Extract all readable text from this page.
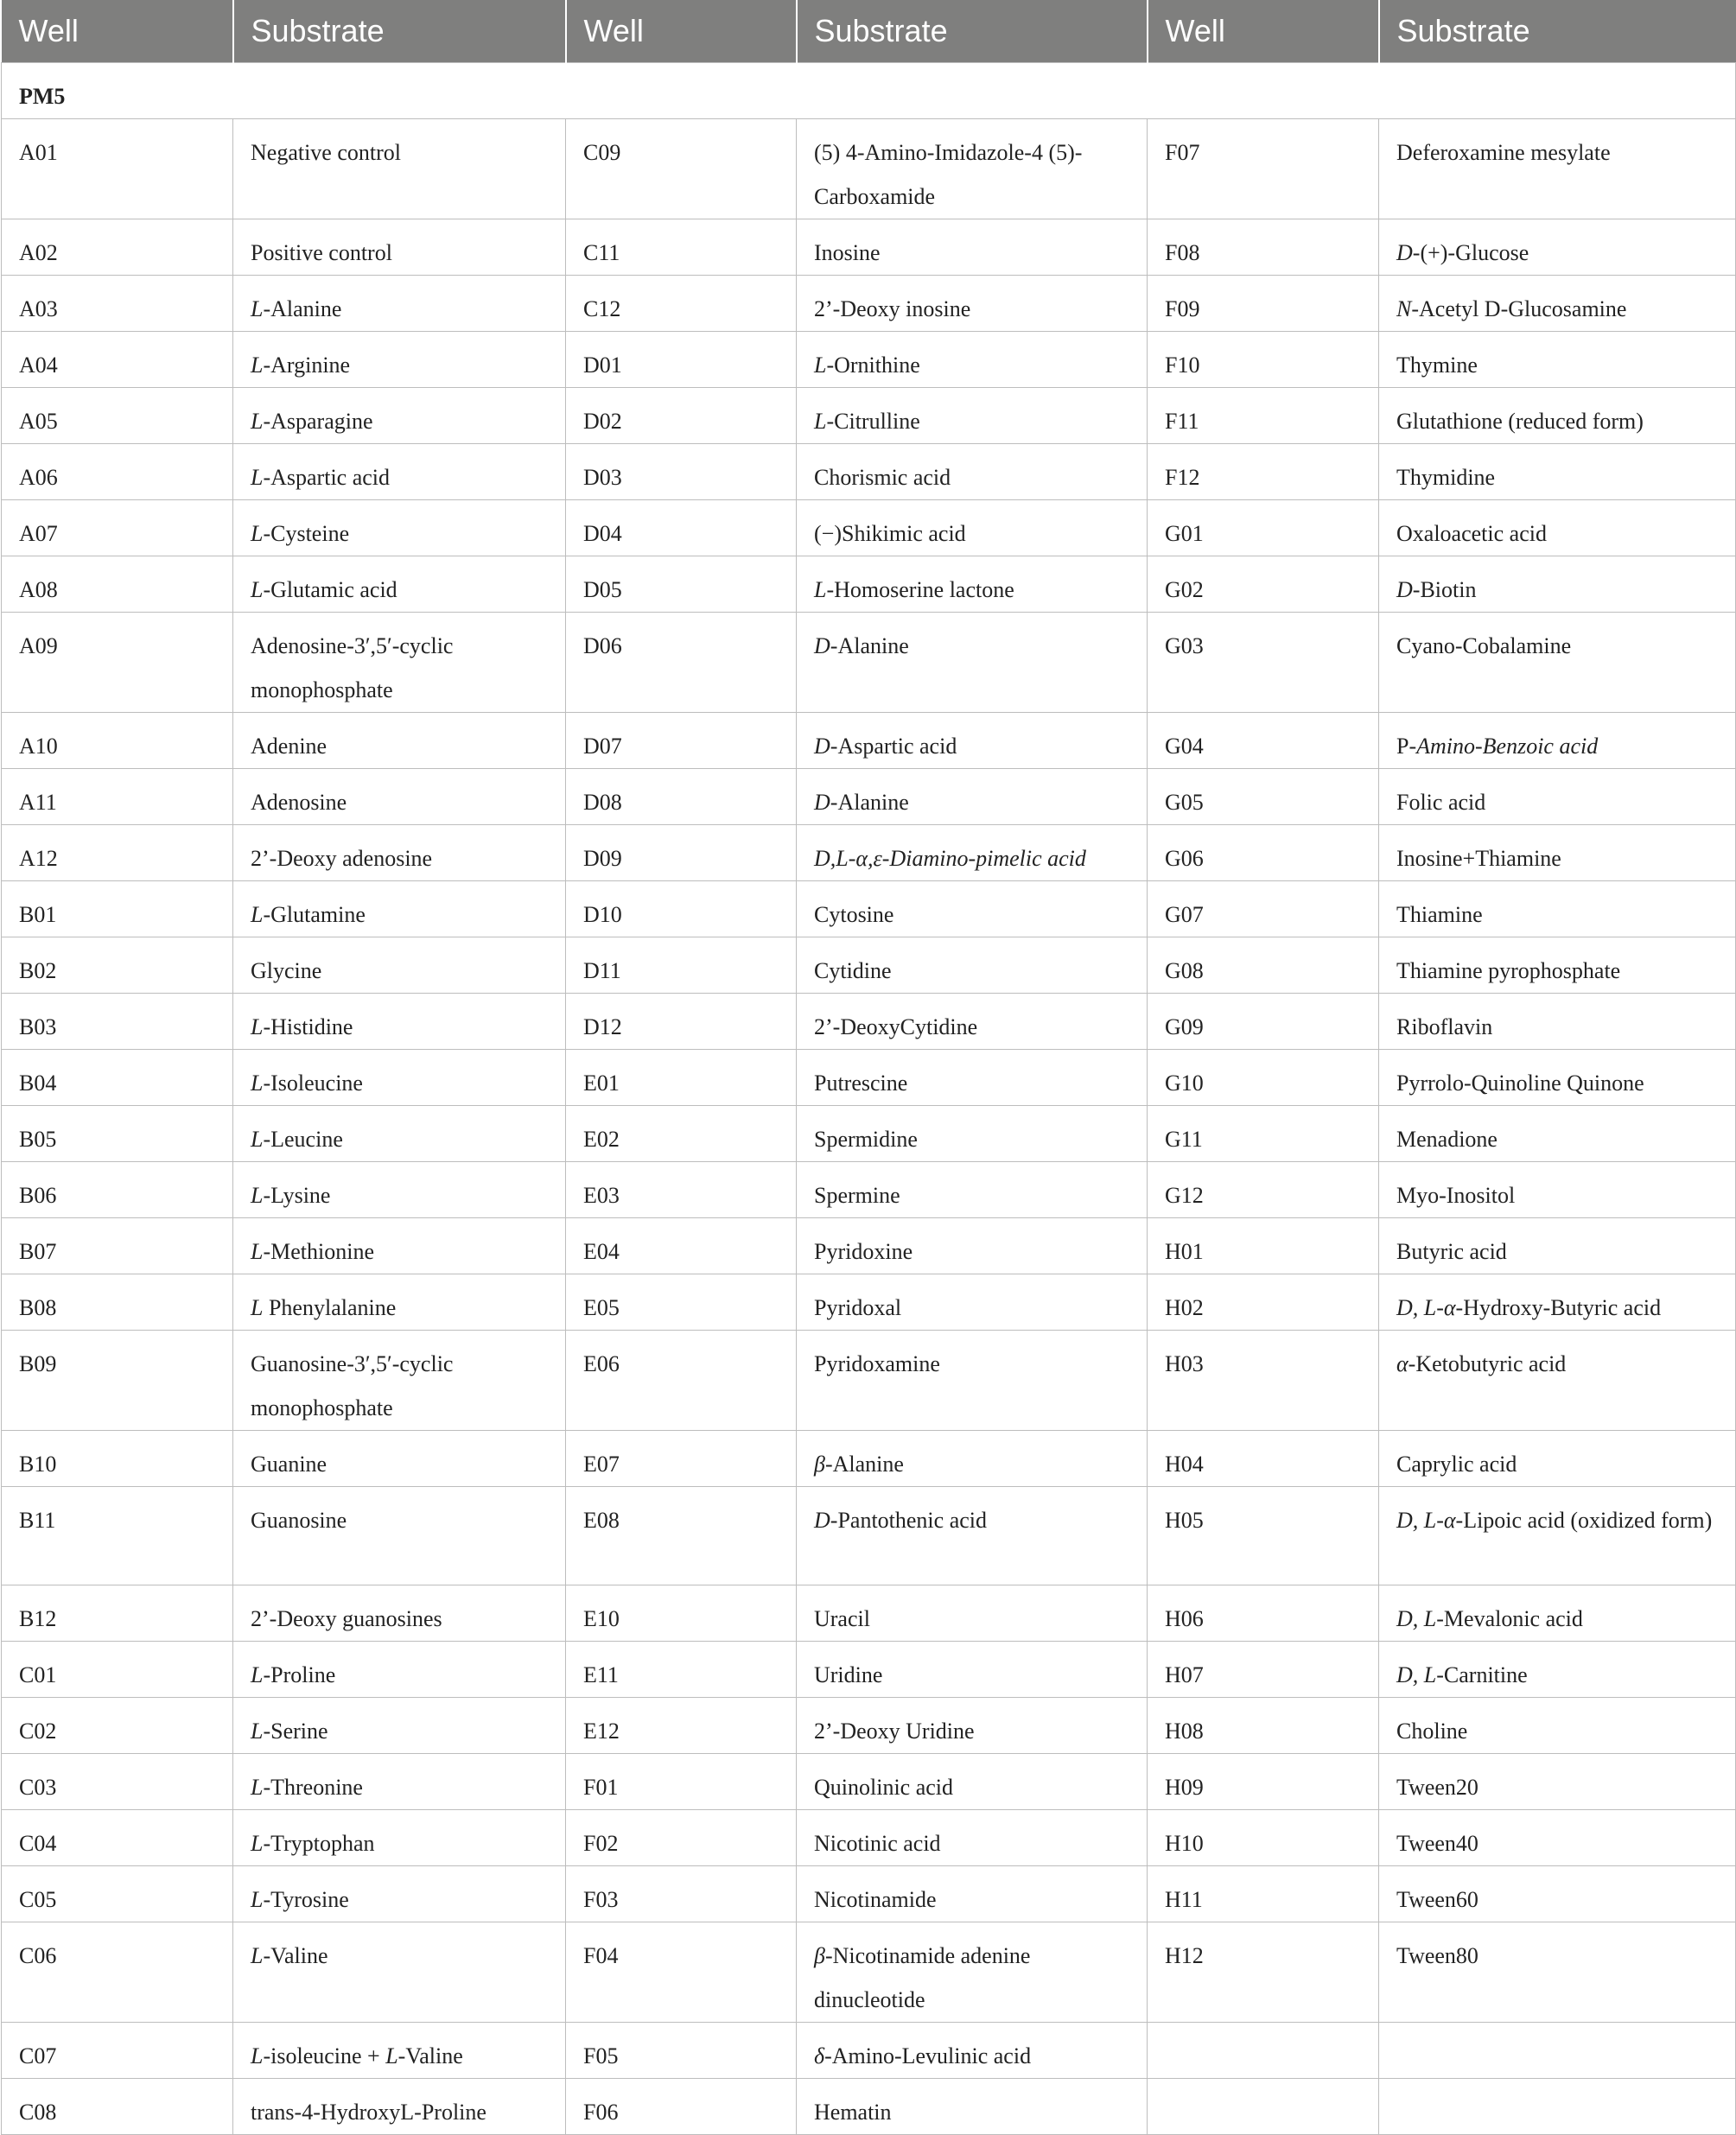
Well	Substrate	Well	Substrate	Well	Substrate
PM5					
A01	Negative control	C09	(5) 4-Amino-Imidazole-4 (5)-Carboxamide	F07	Deferoxamine mesylate
A02	Positive control	C11	Inosine	F08	D-(+)-Glucose
A03	L-Alanine	C12	2’-Deoxy inosine	F09	N-Acetyl D-Glucosamine
A04	L-Arginine	D01	L-Ornithine	F10	Thymine
A05	L-Asparagine	D02	L-Citrulline	F11	Glutathione (reduced form)
A06	L-Aspartic acid	D03	Chorismic acid	F12	Thymidine
A07	L-Cysteine	D04	(−)Shikimic acid	G01	Oxaloacetic acid
A08	L-Glutamic acid	D05	L-Homoserine lactone	G02	D-Biotin
A09	Adenosine-3′,5′-cyclic monophosphate	D06	D-Alanine	G03	Cyano-Cobalamine
A10	Adenine	D07	D-Aspartic acid	G04	P-Amino-Benzoic acid
A11	Adenosine	D08	D-Alanine	G05	Folic acid
A12	2’-Deoxy adenosine	D09	D,L-α,ε-Diamino-pimelic acid	G06	Inosine+Thiamine
B01	L-Glutamine	D10	Cytosine	G07	Thiamine
B02	Glycine	D11	Cytidine	G08	Thiamine pyrophosphate
B03	L-Histidine	D12	2’-DeoxyCytidine	G09	Riboflavin
B04	L-Isoleucine	E01	Putrescine	G10	Pyrrolo-Quinoline Quinone
B05	L-Leucine	E02	Spermidine	G11	Menadione
B06	L-Lysine	E03	Spermine	G12	Myo-Inositol
B07	L-Methionine	E04	Pyridoxine	H01	Butyric acid
B08	L Phenylalanine	E05	Pyridoxal	H02	D, L-α-Hydroxy-Butyric acid
B09	Guanosine-3′,5′-cyclic monophosphate	E06	Pyridoxamine	H03	α-Ketobutyric acid
B10	Guanine	E07	β-Alanine	H04	Caprylic acid
B11	Guanosine	E08	D-Pantothenic acid	H05	D, L-α-Lipoic acid (oxidized form)
B12	2’-Deoxy guanosines	E10	Uracil	H06	D, L-Mevalonic acid
C01	L-Proline	E11	Uridine	H07	D, L-Carnitine
C02	L-Serine	E12	2’-Deoxy Uridine	H08	Choline
C03	L-Threonine	F01	Quinolinic acid	H09	Tween20
C04	L-Tryptophan	F02	Nicotinic acid	H10	Tween40
C05	L-Tyrosine	F03	Nicotinamide	H11	Tween60
C06	L-Valine	F04	β-Nicotinamide adenine dinucleotide	H12	Tween80
C07	L-isoleucine + L-Valine	F05	δ-Amino-Levulinic acid		
C08	trans-4-HydroxyL-Proline	F06	Hematin		
